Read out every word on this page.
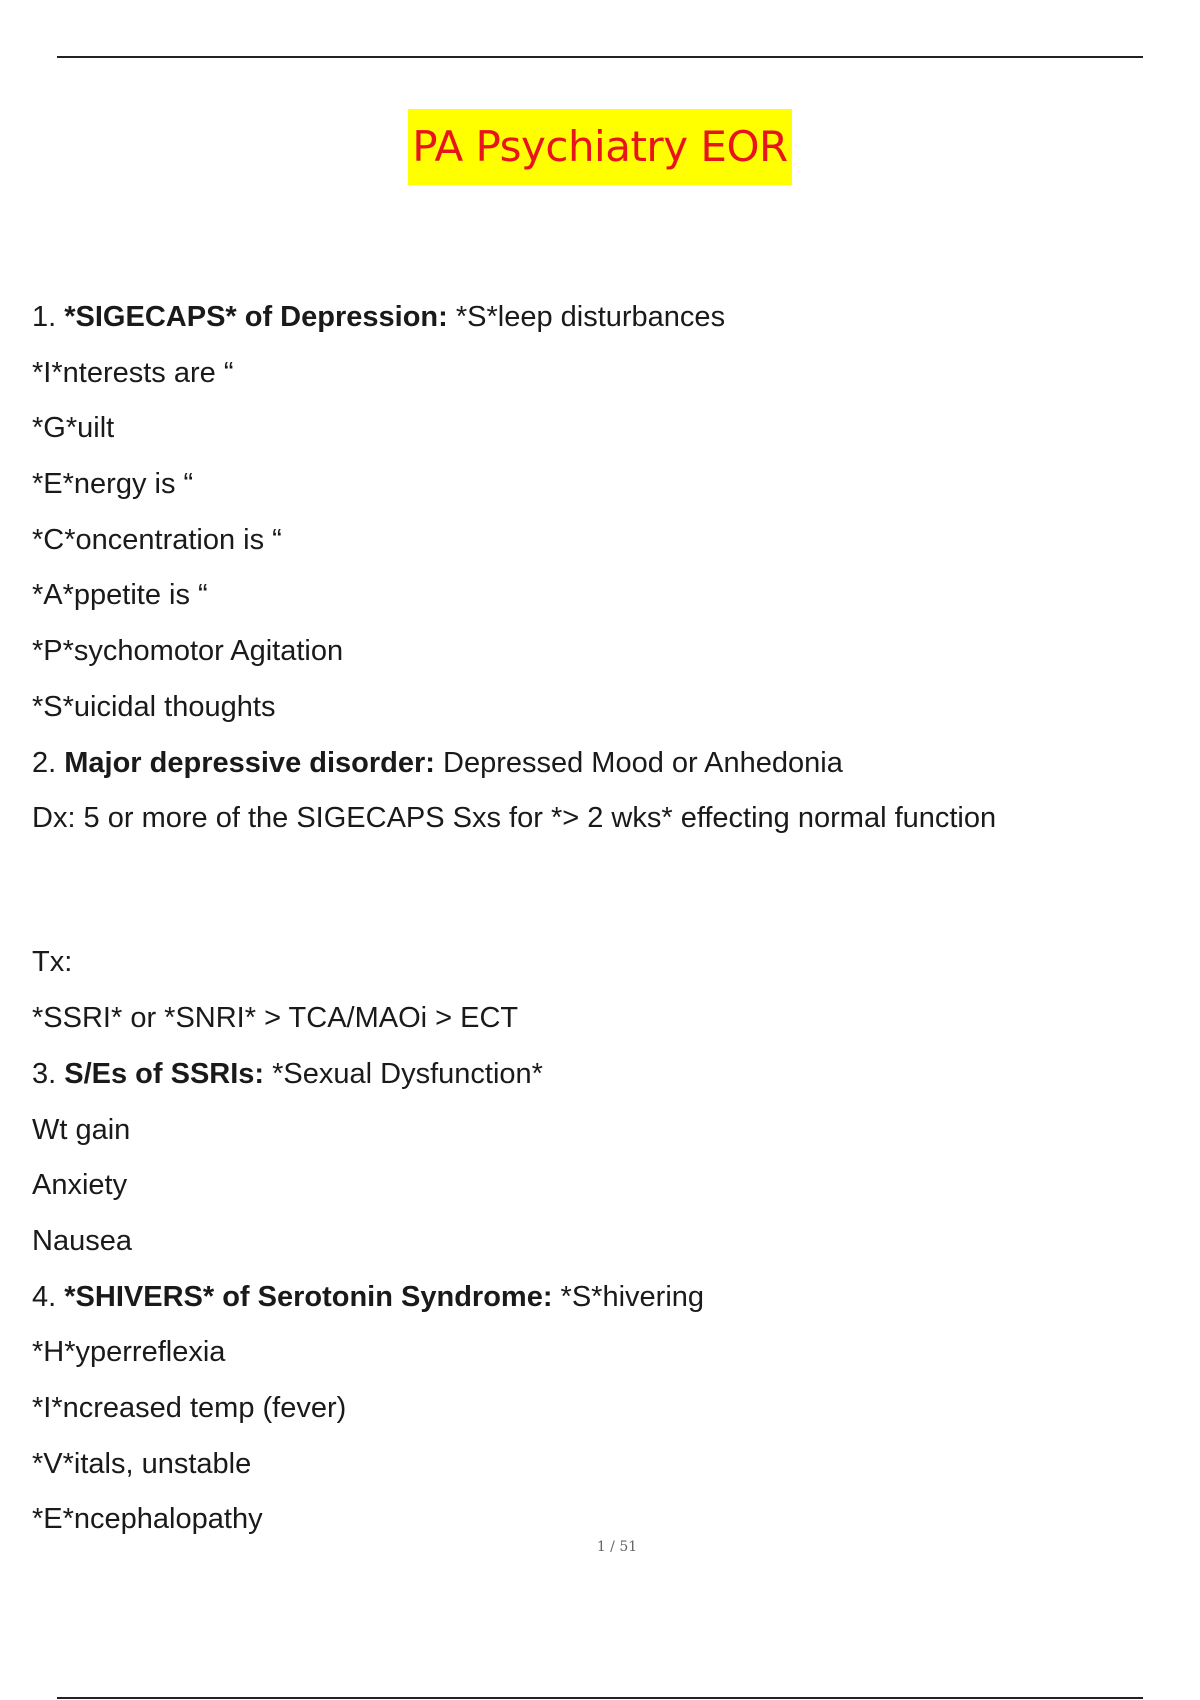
PA Psychiatry EOR
1. *SIGECAPS* of Depression: *S*leep disturbances
*I*nterests are “
*G*uilt
*E*nergy is “
*C*oncentration is “
*A*ppetite is “
*P*sychomotor Agitation
*S*uicidal thoughts
2. Major depressive disorder: Depressed Mood or Anhedonia
Dx: 5 or more of the SIGECAPS Sxs for *> 2 wks* effecting normal function
Tx:
*SSRI* or *SNRI* > TCA/MAOi > ECT
3. S/Es of SSRIs: *Sexual Dysfunction*
Wt gain
Anxiety
Nausea
4. *SHIVERS* of Serotonin Syndrome: *S*hivering
*H*yperreflexia
*I*ncreased temp (fever)
*V*itals, unstable
*E*ncephalopathy
1 / 51
